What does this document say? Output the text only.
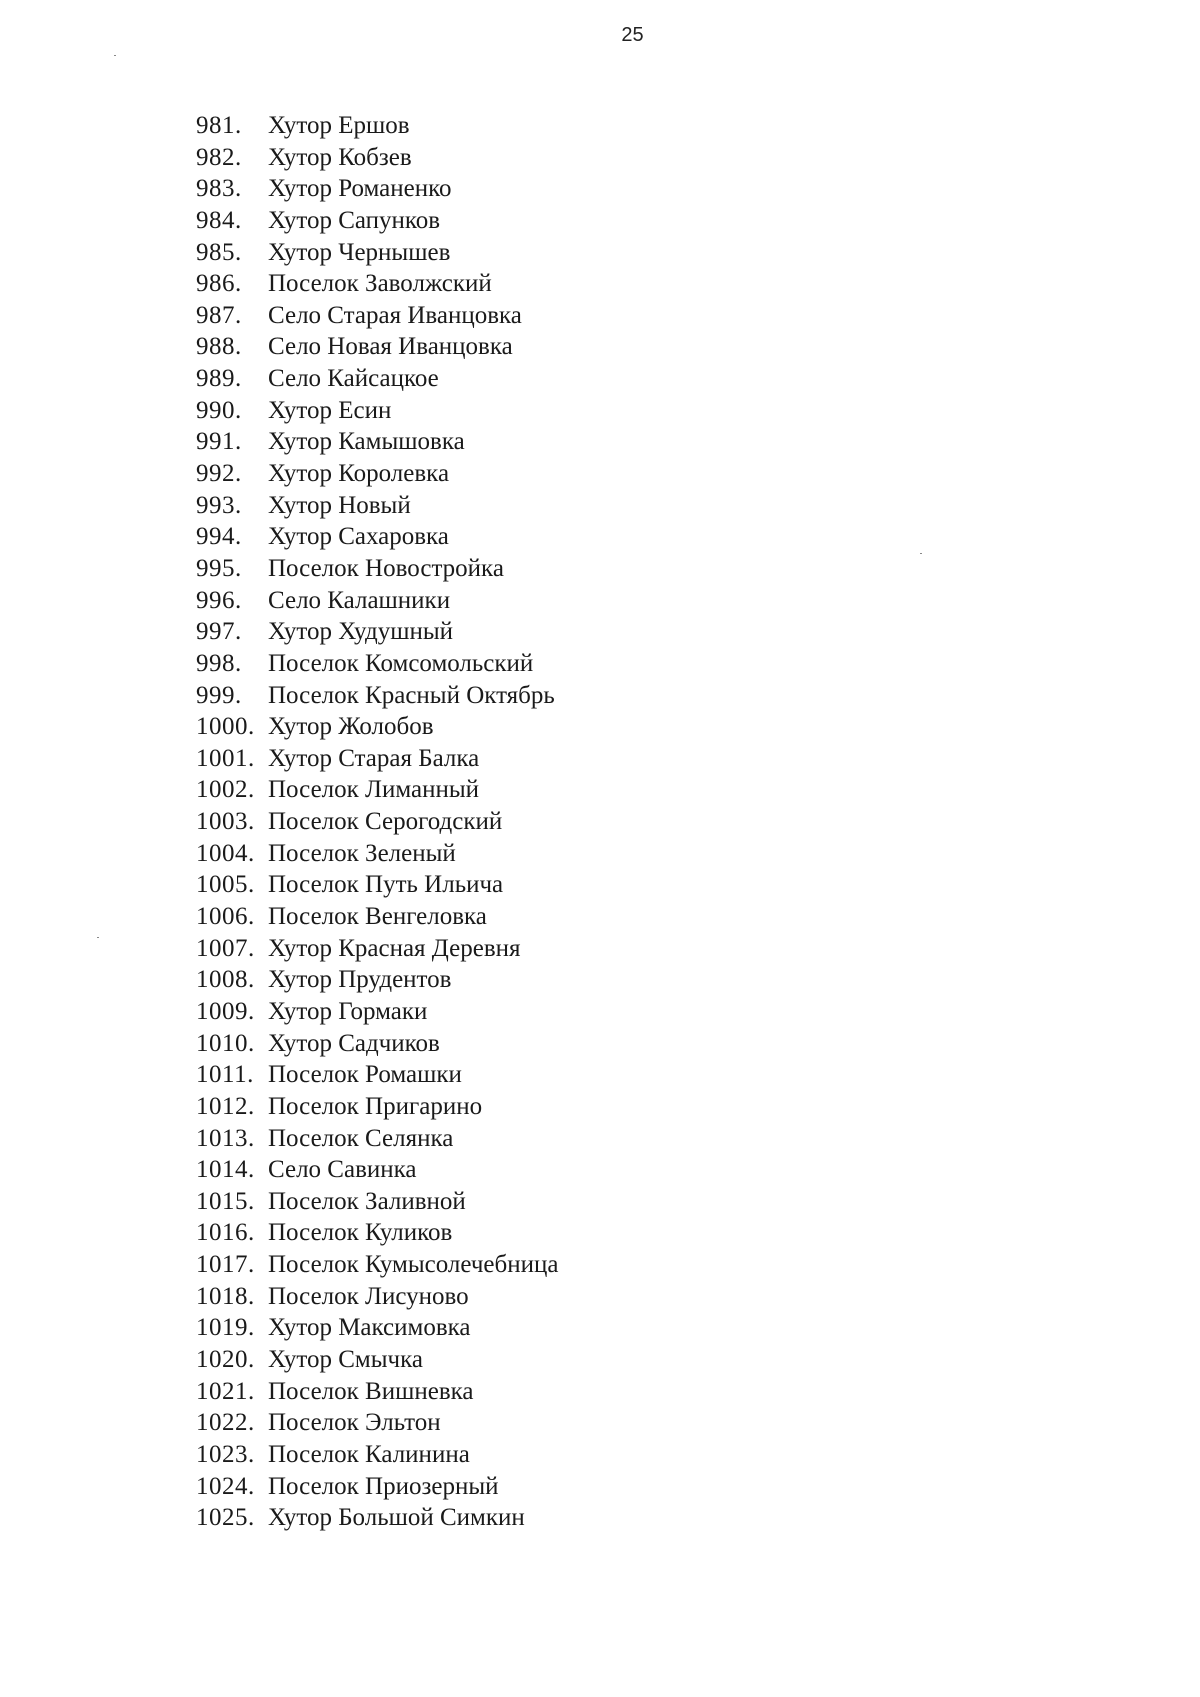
25
981.	Хутор Ершов
982.	Хутор Кобзев
983.	Хутор Романенко
984.	Хутор Сапунков
985.	Хутор Чернышев
986.	Поселок Заволжский
987.	Село Старая Иванцовка
988.	Село Новая Иванцовка
989.	Село Кайсацкое
990.	Хутор Есин
991.	Хутор Камышовка
992.	Хутор Королевка
993.	Хутор Новый
994.	Хутор Сахаровка
995.	Поселок Новостройка
996.	Село Калашники
997.	Хутор Худушный
998.	Поселок Комсомольский
999.	Поселок Красный Октябрь
1000. Хутор Жолобов
1001. Хутор Старая Балка
1002. Поселок Лиманный
1003. Поселок Серогодский
1004. Поселок Зеленый
1005. Поселок Путь Ильича
1006. Поселок Венгеловка
1007. Хутор Красная Деревня
1008. Хутор Прудентов
1009. Хутор Гормаки
1010. Хутор Садчиков
1011. Поселок Ромашки
1012. Поселок Пригарино
1013. Поселок Селянка
1014. Село Савинка
1015. Поселок Заливной
1016. Поселок Куликов
1017. Поселок Кумысолечебница
1018. Поселок Лисуново
1019. Хутор Максимовка
1020. Хутор Смычка
1021. Поселок Вишневка
1022. Поселок Эльтон
1023. Поселок Калинина
1024. Поселок Приозерный
1025. Хутор Большой Симкин
